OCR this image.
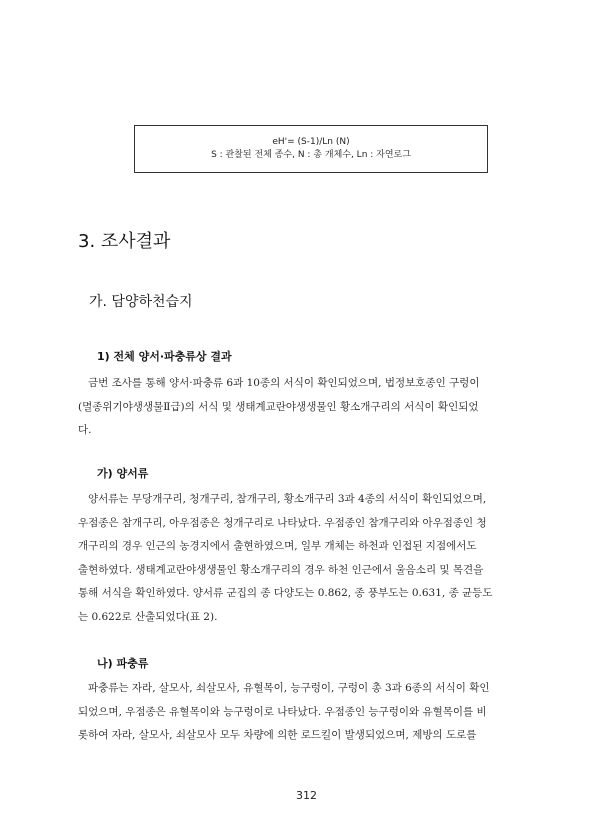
eH'= (S-1)/Ln (N)
S : 관찰된 전체 종수, N : 총 개체수, Ln : 자연로그
3. 조사결과
가. 담양하천습지
1) 전체 양서·파충류상 결과
금번 조사를 통해 양서·파충류 6과 10종의 서식이 확인되었으며, 법정보호종인 구렁이
(멸종위기야생생물Ⅱ급)의 서식 및 생태계교란야생생물인 황소개구리의 서식이 확인되었
다.
가) 양서류
양서류는 무당개구리, 청개구리, 참개구리, 황소개구리 3과 4종의 서식이 확인되었으며,
우점종은 참개구리, 아우점종은 청개구리로 나타났다. 우점종인 참개구리와 아우점종인 청
개구리의 경우 인근의 농경지에서 출현하였으며, 일부 개체는 하천과 인접된 지점에서도
출현하였다. 생태계교란야생생물인 황소개구리의 경우 하천 인근에서 울음소리 및 목견을
통해 서식을 확인하였다. 양서류 군집의 종 다양도는 0.862, 종 풍부도는 0.631, 종 균등도
는 0.622로 산출되었다(표 2).
나) 파충류
파충류는 자라, 살모사, 쇠살모사, 유혈목이, 능구렁이, 구렁이 총 3과 6종의 서식이 확인
되었으며, 우점종은 유혈목이와 능구렁이로 나타났다. 우점종인 능구렁이와 유혈목이를 비
롯하여 자라, 살모사, 쇠살모사 모두 차량에 의한 로드킬이 발생되었으며, 제방의 도로를
312
